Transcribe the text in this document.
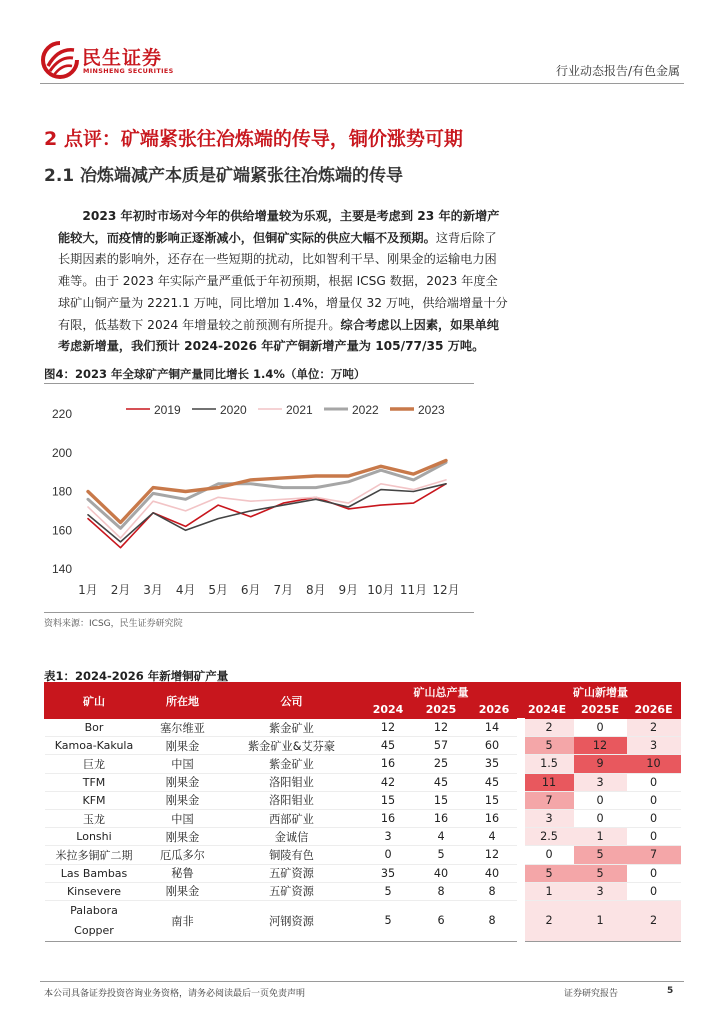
民生证券
MINSHENG SECURITIES	行业动态报告/有色金属
2 点评：矿端紧张往冶炼端的传导，铜价涨势可期
2.1 冶炼端减产本质是矿端紧张往冶炼端的传导
2023 年初时市场对今年的供给增量较为乐观，主要是考虑到 23 年的新增产
能较大，而疫情的影响正逐渐减小，但铜矿实际的供应大幅不及预期。这背后除了
长期因素的影响外，还存在一些短期的扰动，比如智利干旱、刚果金的运输电力困
难等。由于 2023 年实际产量严重低于年初预期，根据 ICSG 数据，2023 年度全
球矿山铜产量为 2221.1 万吨，同比增加 1.4%，增量仅 32 万吨，供给端增量十分
有限，低基数下 2024 年增量较之前预测有所提升。综合考虑以上因素，如果单纯
考虑新增量，我们预计 2024-2026 年矿产铜新增产量为 105/77/35 万吨。
图4：2023 年全球矿产铜产量同比增长 1.4%（单位：万吨）
140
160
180
200
220
1月 2月 3月 4月 5月 6月 7月 8月 9月 10月 11月 12月
2019	2020	2021	2022	2023
资料来源：ICSG，民生证券研究院
表1：2024-2026 年新增铜矿产量
矿山	所在地	公司	矿山总产量			矿山新增量		
			2024	2025	2026	2024E	2025E	2026E
Bor	塞尔维亚	紫金矿业	12	12	14	2	0	2
Kamoa-Kakula	刚果金	紫金矿业&艾芬豪	45	57	60	5	12	3
巨龙	中国	紫金矿业	16	25	35	1.5	9	10
TFM	刚果金	洛阳钼业	42	45	45	11	3	0
KFM	刚果金	洛阳钼业	15	15	15	7	0	0
玉龙	中国	西部矿业	16	16	16	3	0	0
Lonshi	刚果金	金诚信	3	4	4	2.5	1	0
米拉多铜矿二期	厄瓜多尔	铜陵有色	0	5	12	0	5	7
Las Bambas	秘鲁	五矿资源	35	40	40	5	5	0
Kinsevere	刚果金	五矿资源	5	8	8	1	3	0

Palabora
Copper	南非	河钢资源	5	6	8	2	1	2
本公司具备证券投资咨询业务资格，请务必阅读最后一页免责声明	证券研究报告	5
